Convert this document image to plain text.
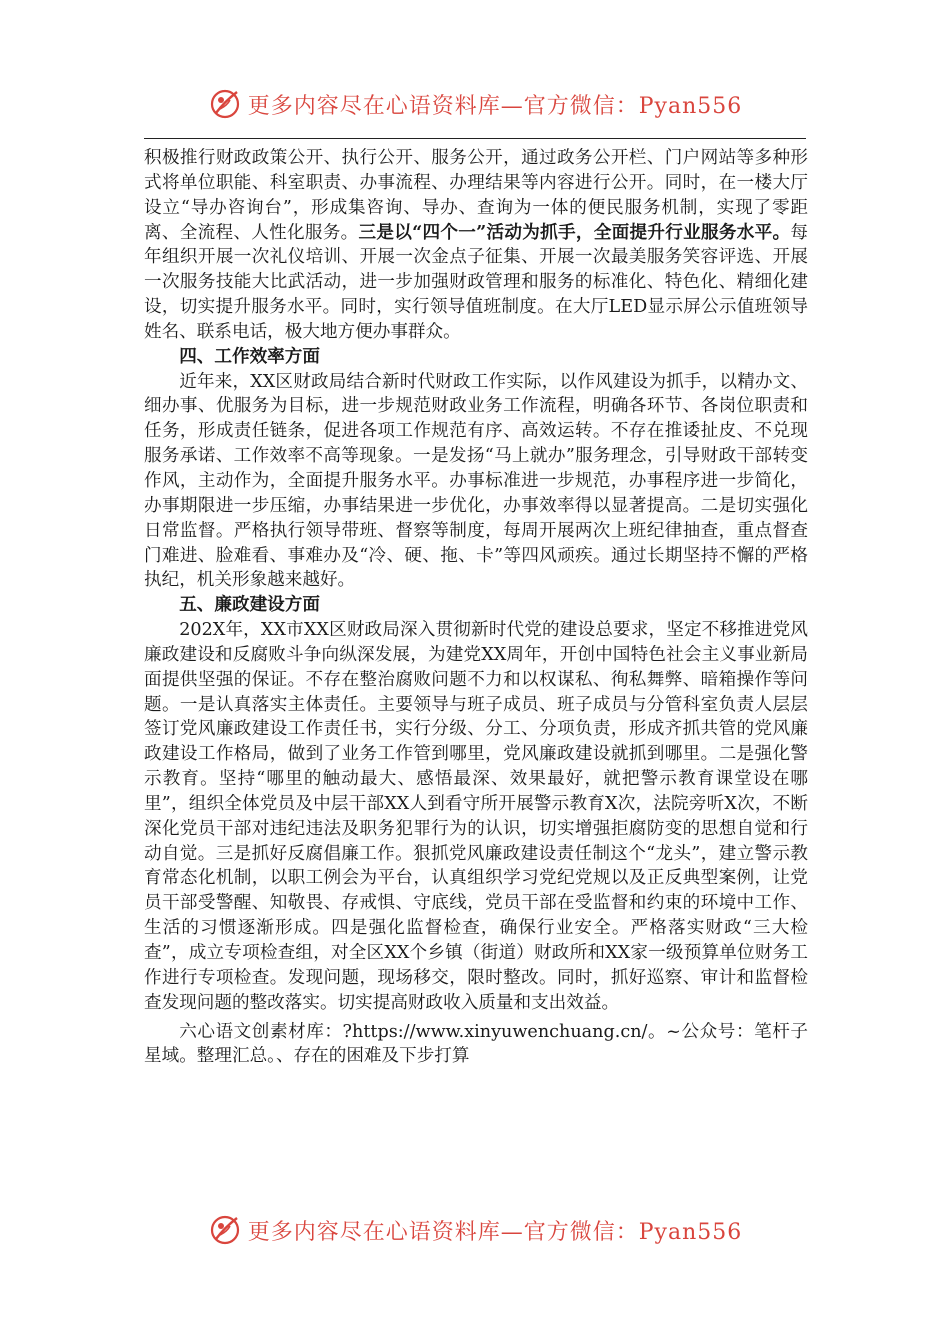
更多内容尽在心语资料库—官方微信：Pyan556

积极推行财政政策公开、执行公开、服务公开，通过政务公开栏、门户网站等多种形式将单位职能、科室职责、办事流程、办理结果等内容进行公开。同时，在一楼大厅设立“导办咨询台”，形成集咨询、导办、查询为一体的便民服务机制，实现了零距离、全流程、人性化服务。三是以“四个一”活动为抓手，全面提升行业服务水平。每年组织开展一次礼仪培训、开展一次金点子征集、开展一次最美服务笑容评选、开展一次服务技能大比武活动，进一步加强财政管理和服务的标准化、特色化、精细化建设，切实提升服务水平。同时，实行领导值班制度。在大厅LED显示屏公示值班领导姓名、联系电话，极大地方便办事群众。

四、工作效率方面

近年来，XX区财政局结合新时代财政工作实际，以作风建设为抓手，以精办文、细办事、优服务为目标，进一步规范财政业务工作流程，明确各环节、各岗位职责和任务，形成责任链条，促进各项工作规范有序、高效运转。不存在推诿扯皮、不兑现服务承诺、工作效率不高等现象。一是发扬“马上就办”服务理念，引导财政干部转变作风，主动作为，全面提升服务水平。办事标准进一步规范，办事程序进一步简化，办事期限进一步压缩，办事结果进一步优化，办事效率得以显著提高。二是切实强化日常监督。严格执行领导带班、督察等制度，每周开展两次上班纪律抽查，重点督查门难进、脸难看、事难办及“冷、硬、拖、卡”等四风顽疾。通过长期坚持不懈的严格执纪，机关形象越来越好。

五、廉政建设方面

202X年，XX市XX区财政局深入贯彻新时代党的建设总要求，坚定不移推进党风廉政建设和反腐败斗争向纵深发展，为建党XX周年，开创中国特色社会主义事业新局面提供坚强的保证。不存在整治腐败问题不力和以权谋私、徇私舞弊、暗箱操作等问题。一是认真落实主体责任。主要领导与班子成员、班子成员与分管科室负责人层层签订党风廉政建设工作责任书，实行分级、分工、分项负责，形成齐抓共管的党风廉政建设工作格局，做到了业务工作管到哪里，党风廉政建设就抓到哪里。二是强化警示教育。坚持“哪里的触动最大、感悟最深、效果最好，就把警示教育课堂设在哪里”，组织全体党员及中层干部XX人到看守所开展警示教育X次，法院旁听X次，不断深化党员干部对违纪违法及职务犯罪行为的认识，切实增强拒腐防变的思想自觉和行动自觉。三是抓好反腐倡廉工作。狠抓党风廉政建设责任制这个“龙头”，建立警示教育常态化机制，以职工例会为平台，认真组织学习党纪党规以及正反典型案例，让党员干部受警醒、知敬畏、存戒惧、守底线，党员干部在受监督和约束的环境中工作、生活的习惯逐渐形成。四是强化监督检查，确保行业安全。严格落实财政“三大检查”，成立专项检查组，对全区XX个乡镇（街道）财政所和XX家一级预算单位财务工作进行专项检查。发现问题，现场移交，限时整改。同时，抓好巡察、审计和监督检查发现问题的整改落实。切实提高财政收入质量和支出效益。

六心语文创素材库：?https://www.xinyuwenchuang.cn/。~公众号：笔杆子星域。整理汇总。、存在的困难及下步打算

更多内容尽在心语资料库—官方微信：Pyan556
